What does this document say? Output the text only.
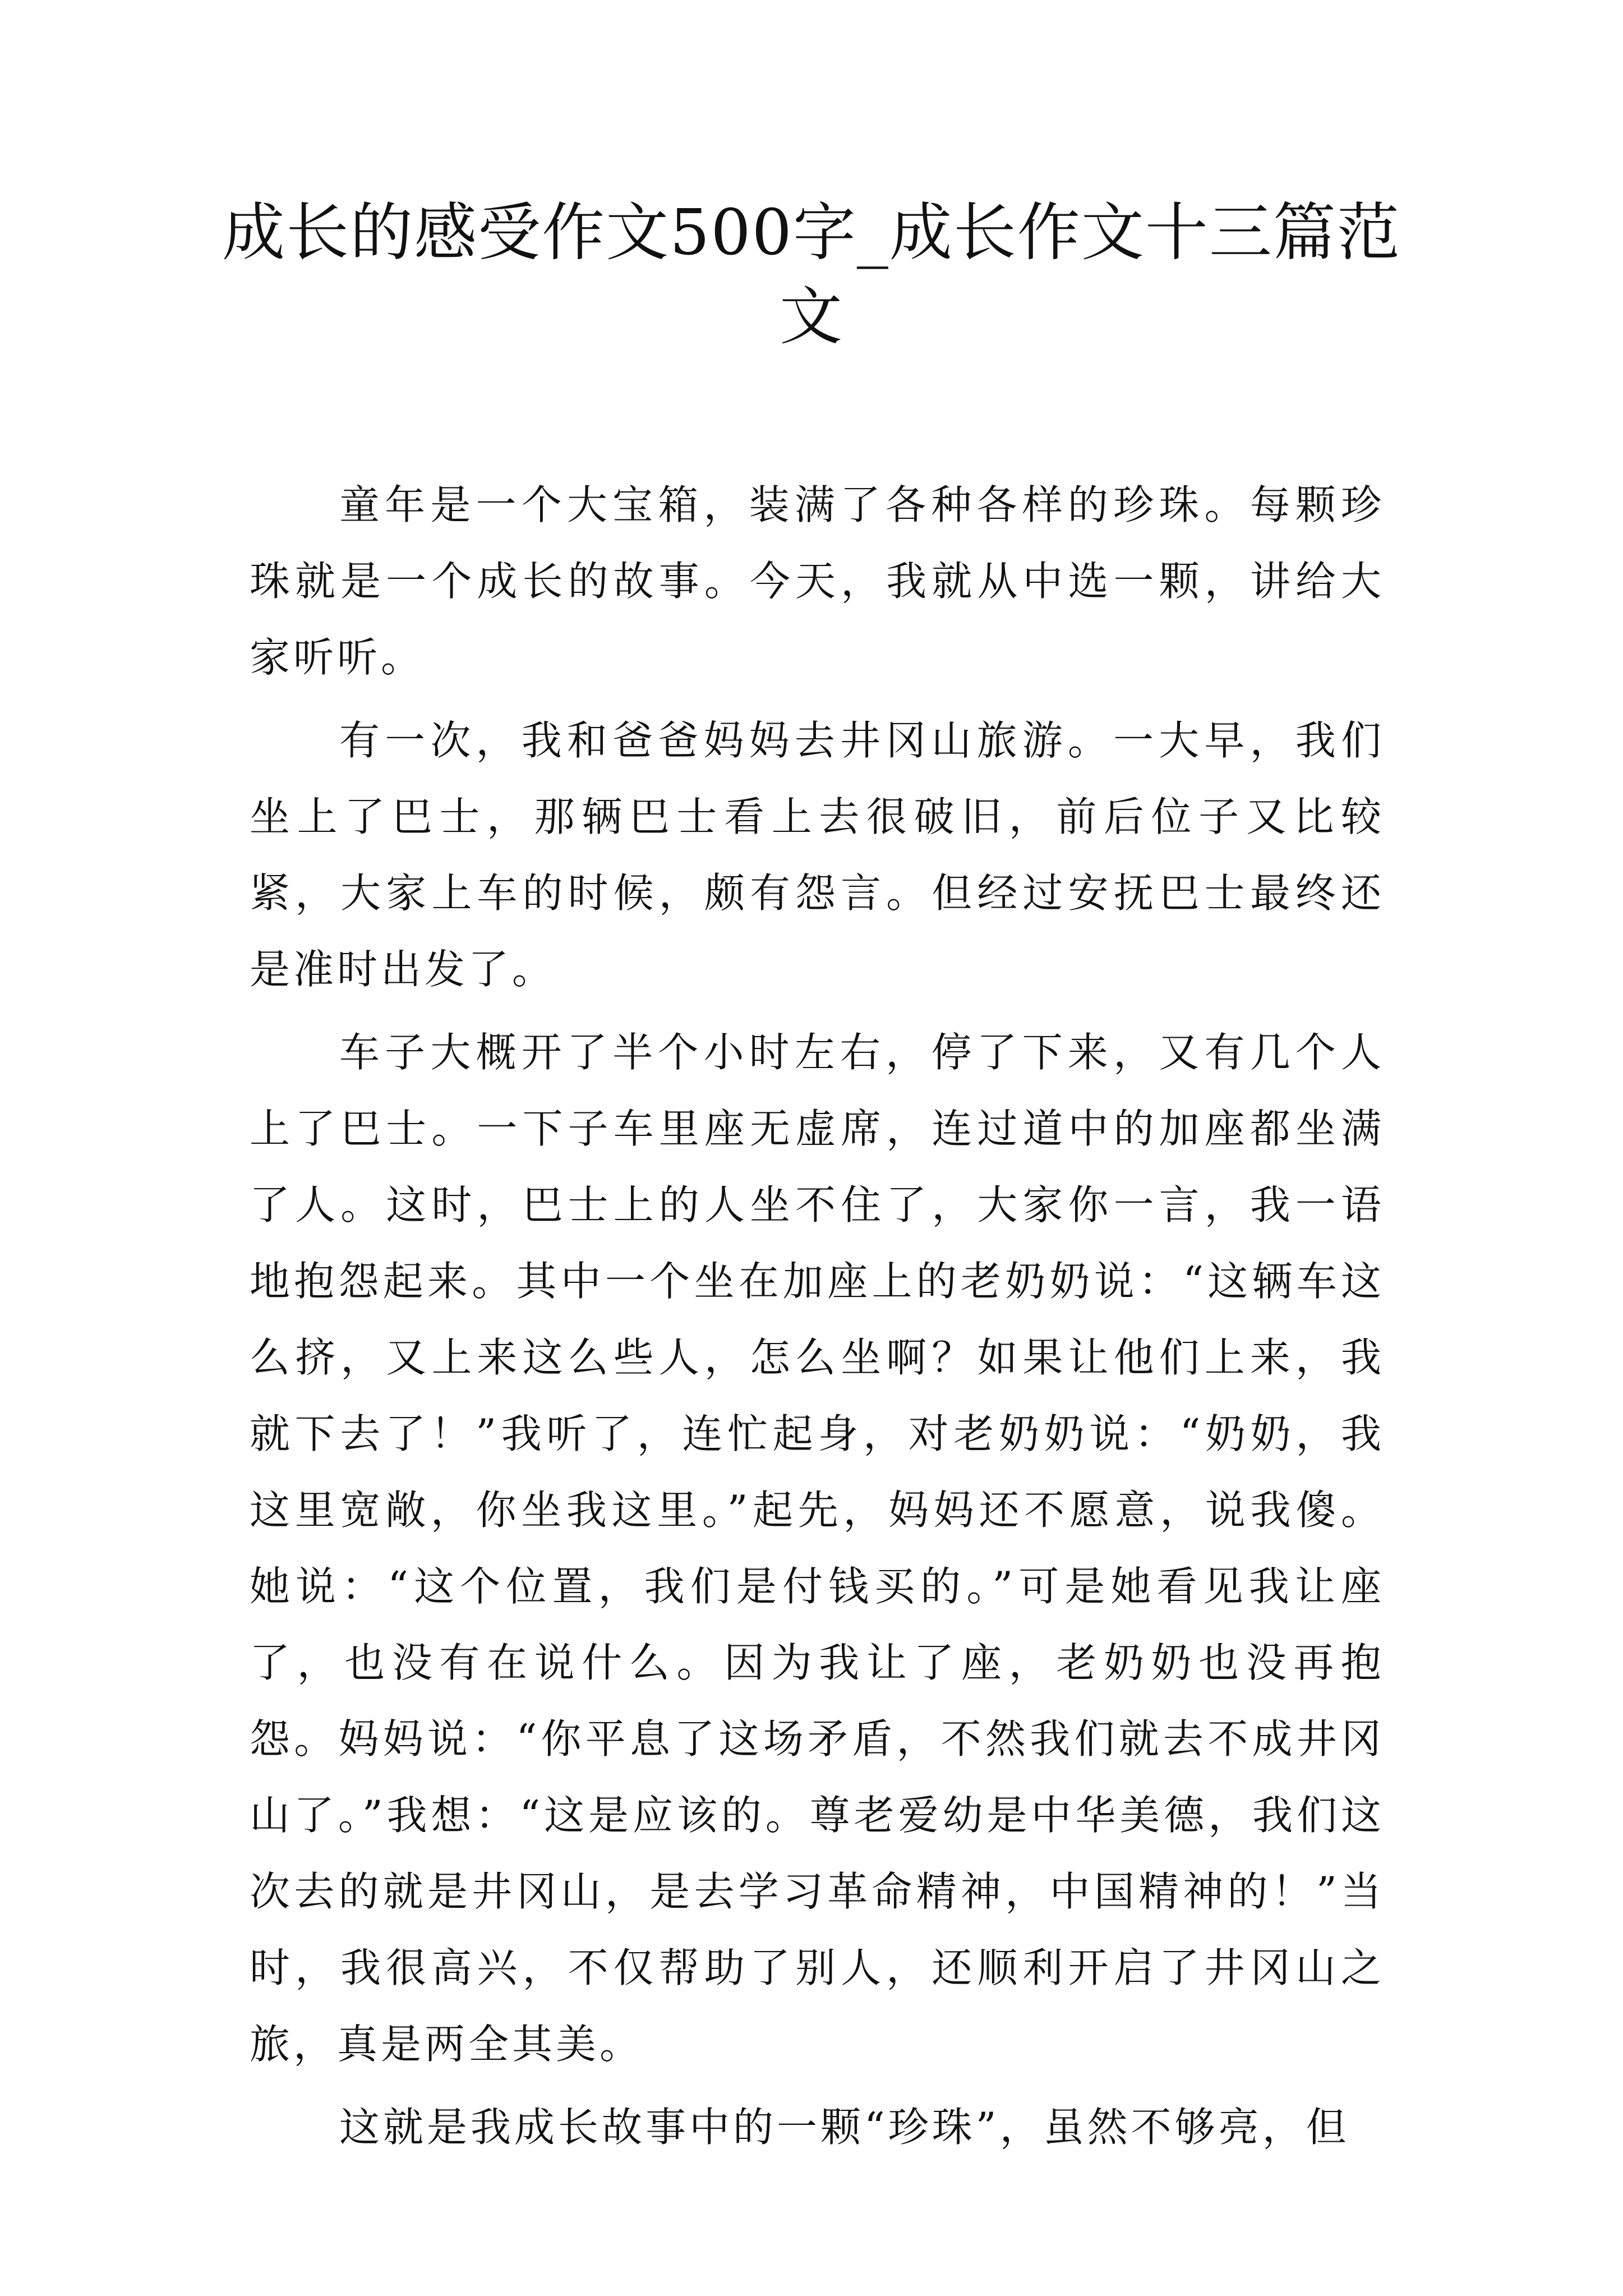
成长的感受作文500字_成长作文十三篇范文

童年是一个大宝箱，装满了各种各样的珍珠。每颗珍珠就是一个成长的故事。今天，我就从中选一颗，讲给大家听听。

有一次，我和爸爸妈妈去井冈山旅游。一大早，我们坐上了巴士，那辆巴士看上去很破旧，前后位子又比较紧，大家上车的时候，颇有怨言。但经过安抚巴士最终还是准时出发了。

车子大概开了半个小时左右，停了下来，又有几个人上了巴士。一下子车里座无虚席，连过道中的加座都坐满了人。这时，巴士上的人坐不住了，大家你一言，我一语地抱怨起来。其中一个坐在加座上的老奶奶说：“这辆车这么挤，又上来这么些人，怎么坐啊？如果让他们上来，我就下去了！”我听了，连忙起身，对老奶奶说：“奶奶，我这里宽敞，你坐我这里。”起先，妈妈还不愿意，说我傻。她说：“这个位置，我们是付钱买的。”可是她看见我让座了，也没有在说什么。因为我让了座，老奶奶也没再抱怨。妈妈说：“你平息了这场矛盾，不然我们就去不成井冈山了。”我想：“这是应该的。尊老爱幼是中华美德，我们这次去的就是井冈山，是去学习革命精神，中国精神的！”当时，我很高兴，不仅帮助了别人，还顺利开启了井冈山之旅，真是两全其美。

这就是我成长故事中的一颗“珍珠”，虽然不够亮，但
